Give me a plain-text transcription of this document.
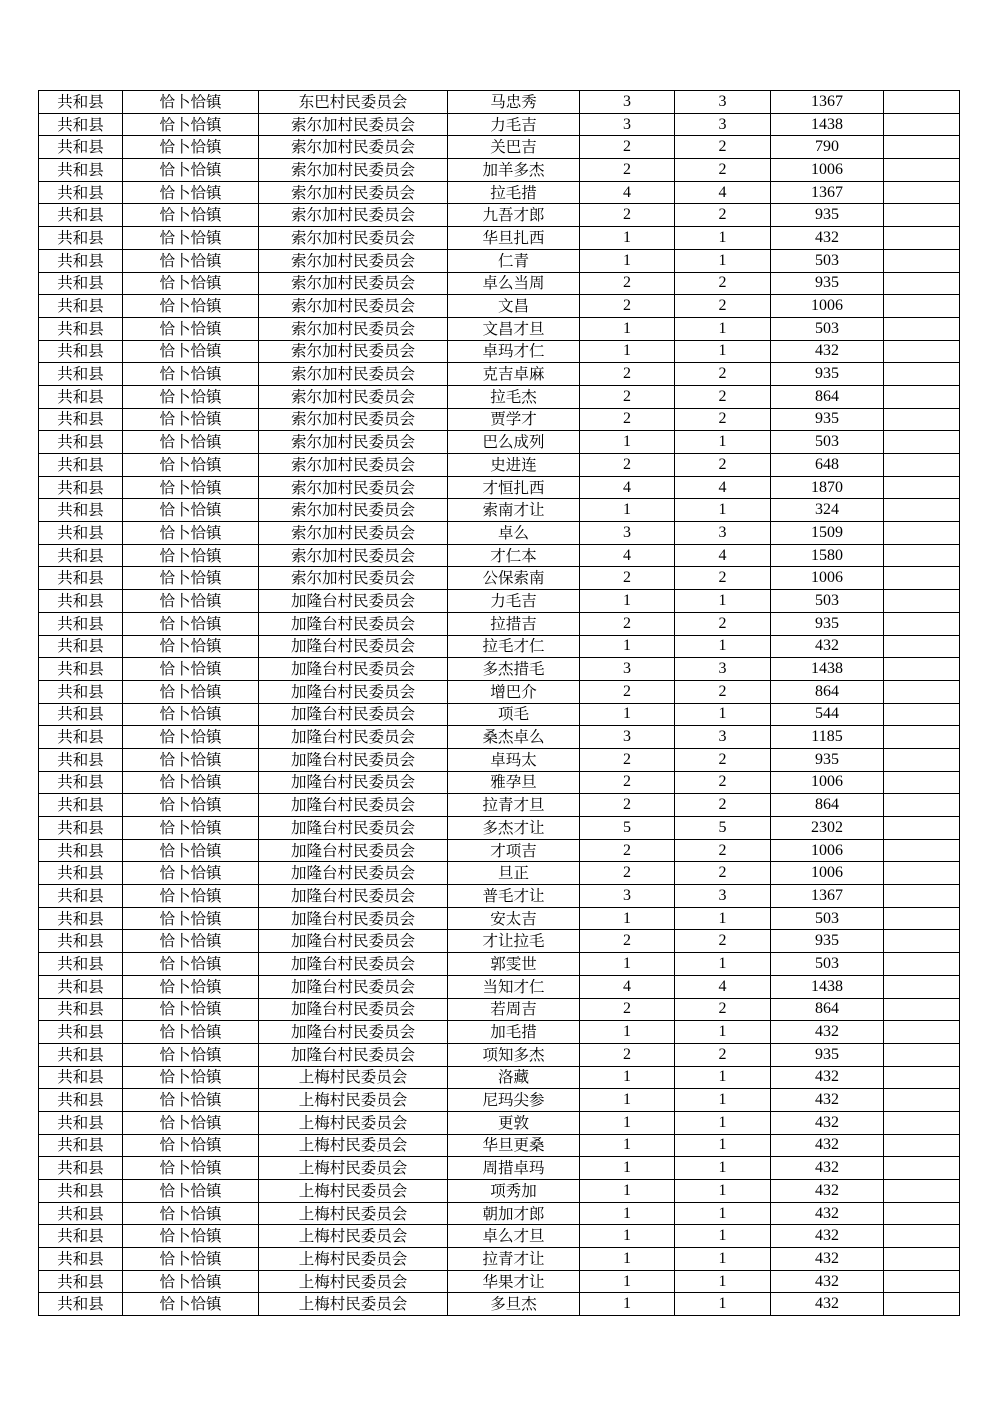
共和县	恰卜恰镇	东巴村民委员会	马忠秀	3	3	1367	
共和县	恰卜恰镇	索尔加村民委员会	力毛吉	3	3	1438	
共和县	恰卜恰镇	索尔加村民委员会	关巴吉	2	2	790	
共和县	恰卜恰镇	索尔加村民委员会	加羊多杰	2	2	1006	
共和县	恰卜恰镇	索尔加村民委员会	拉毛措	4	4	1367	
共和县	恰卜恰镇	索尔加村民委员会	九吾才郎	2	2	935	
共和县	恰卜恰镇	索尔加村民委员会	华旦扎西	1	1	432	
共和县	恰卜恰镇	索尔加村民委员会	仁青	1	1	503	
共和县	恰卜恰镇	索尔加村民委员会	卓么当周	2	2	935	
共和县	恰卜恰镇	索尔加村民委员会	文昌	2	2	1006	
共和县	恰卜恰镇	索尔加村民委员会	文昌才旦	1	1	503	
共和县	恰卜恰镇	索尔加村民委员会	卓玛才仁	1	1	432	
共和县	恰卜恰镇	索尔加村民委员会	克吉卓麻	2	2	935	
共和县	恰卜恰镇	索尔加村民委员会	拉毛杰	2	2	864	
共和县	恰卜恰镇	索尔加村民委员会	贾学才	2	2	935	
共和县	恰卜恰镇	索尔加村民委员会	巴么成列	1	1	503	
共和县	恰卜恰镇	索尔加村民委员会	史进连	2	2	648	
共和县	恰卜恰镇	索尔加村民委员会	才恒扎西	4	4	1870	
共和县	恰卜恰镇	索尔加村民委员会	索南才让	1	1	324	
共和县	恰卜恰镇	索尔加村民委员会	卓么	3	3	1509	
共和县	恰卜恰镇	索尔加村民委员会	才仁本	4	4	1580	
共和县	恰卜恰镇	索尔加村民委员会	公保索南	2	2	1006	
共和县	恰卜恰镇	加隆台村民委员会	力毛吉	1	1	503	
共和县	恰卜恰镇	加隆台村民委员会	拉措吉	2	2	935	
共和县	恰卜恰镇	加隆台村民委员会	拉毛才仁	1	1	432	
共和县	恰卜恰镇	加隆台村民委员会	多杰措毛	3	3	1438	
共和县	恰卜恰镇	加隆台村民委员会	增巴介	2	2	864	
共和县	恰卜恰镇	加隆台村民委员会	项毛	1	1	544	
共和县	恰卜恰镇	加隆台村民委员会	桑杰卓么	3	3	1185	
共和县	恰卜恰镇	加隆台村民委员会	卓玛太	2	2	935	
共和县	恰卜恰镇	加隆台村民委员会	雅孕旦	2	2	1006	
共和县	恰卜恰镇	加隆台村民委员会	拉青才旦	2	2	864	
共和县	恰卜恰镇	加隆台村民委员会	多杰才让	5	5	2302	
共和县	恰卜恰镇	加隆台村民委员会	才项吉	2	2	1006	
共和县	恰卜恰镇	加隆台村民委员会	旦正	2	2	1006	
共和县	恰卜恰镇	加隆台村民委员会	普毛才让	3	3	1367	
共和县	恰卜恰镇	加隆台村民委员会	安太吉	1	1	503	
共和县	恰卜恰镇	加隆台村民委员会	才让拉毛	2	2	935	
共和县	恰卜恰镇	加隆台村民委员会	郭雯世	1	1	503	
共和县	恰卜恰镇	加隆台村民委员会	当知才仁	4	4	1438	
共和县	恰卜恰镇	加隆台村民委员会	若周吉	2	2	864	
共和县	恰卜恰镇	加隆台村民委员会	加毛措	1	1	432	
共和县	恰卜恰镇	加隆台村民委员会	项知多杰	2	2	935	
共和县	恰卜恰镇	上梅村民委员会	洛藏	1	1	432	
共和县	恰卜恰镇	上梅村民委员会	尼玛尖参	1	1	432	
共和县	恰卜恰镇	上梅村民委员会	更敦	1	1	432	
共和县	恰卜恰镇	上梅村民委员会	华旦更桑	1	1	432	
共和县	恰卜恰镇	上梅村民委员会	周措卓玛	1	1	432	
共和县	恰卜恰镇	上梅村民委员会	项秀加	1	1	432	
共和县	恰卜恰镇	上梅村民委员会	朝加才郎	1	1	432	
共和县	恰卜恰镇	上梅村民委员会	卓么才旦	1	1	432	
共和县	恰卜恰镇	上梅村民委员会	拉青才让	1	1	432	
共和县	恰卜恰镇	上梅村民委员会	华果才让	1	1	432	
共和县	恰卜恰镇	上梅村民委员会	多旦杰	1	1	432	
